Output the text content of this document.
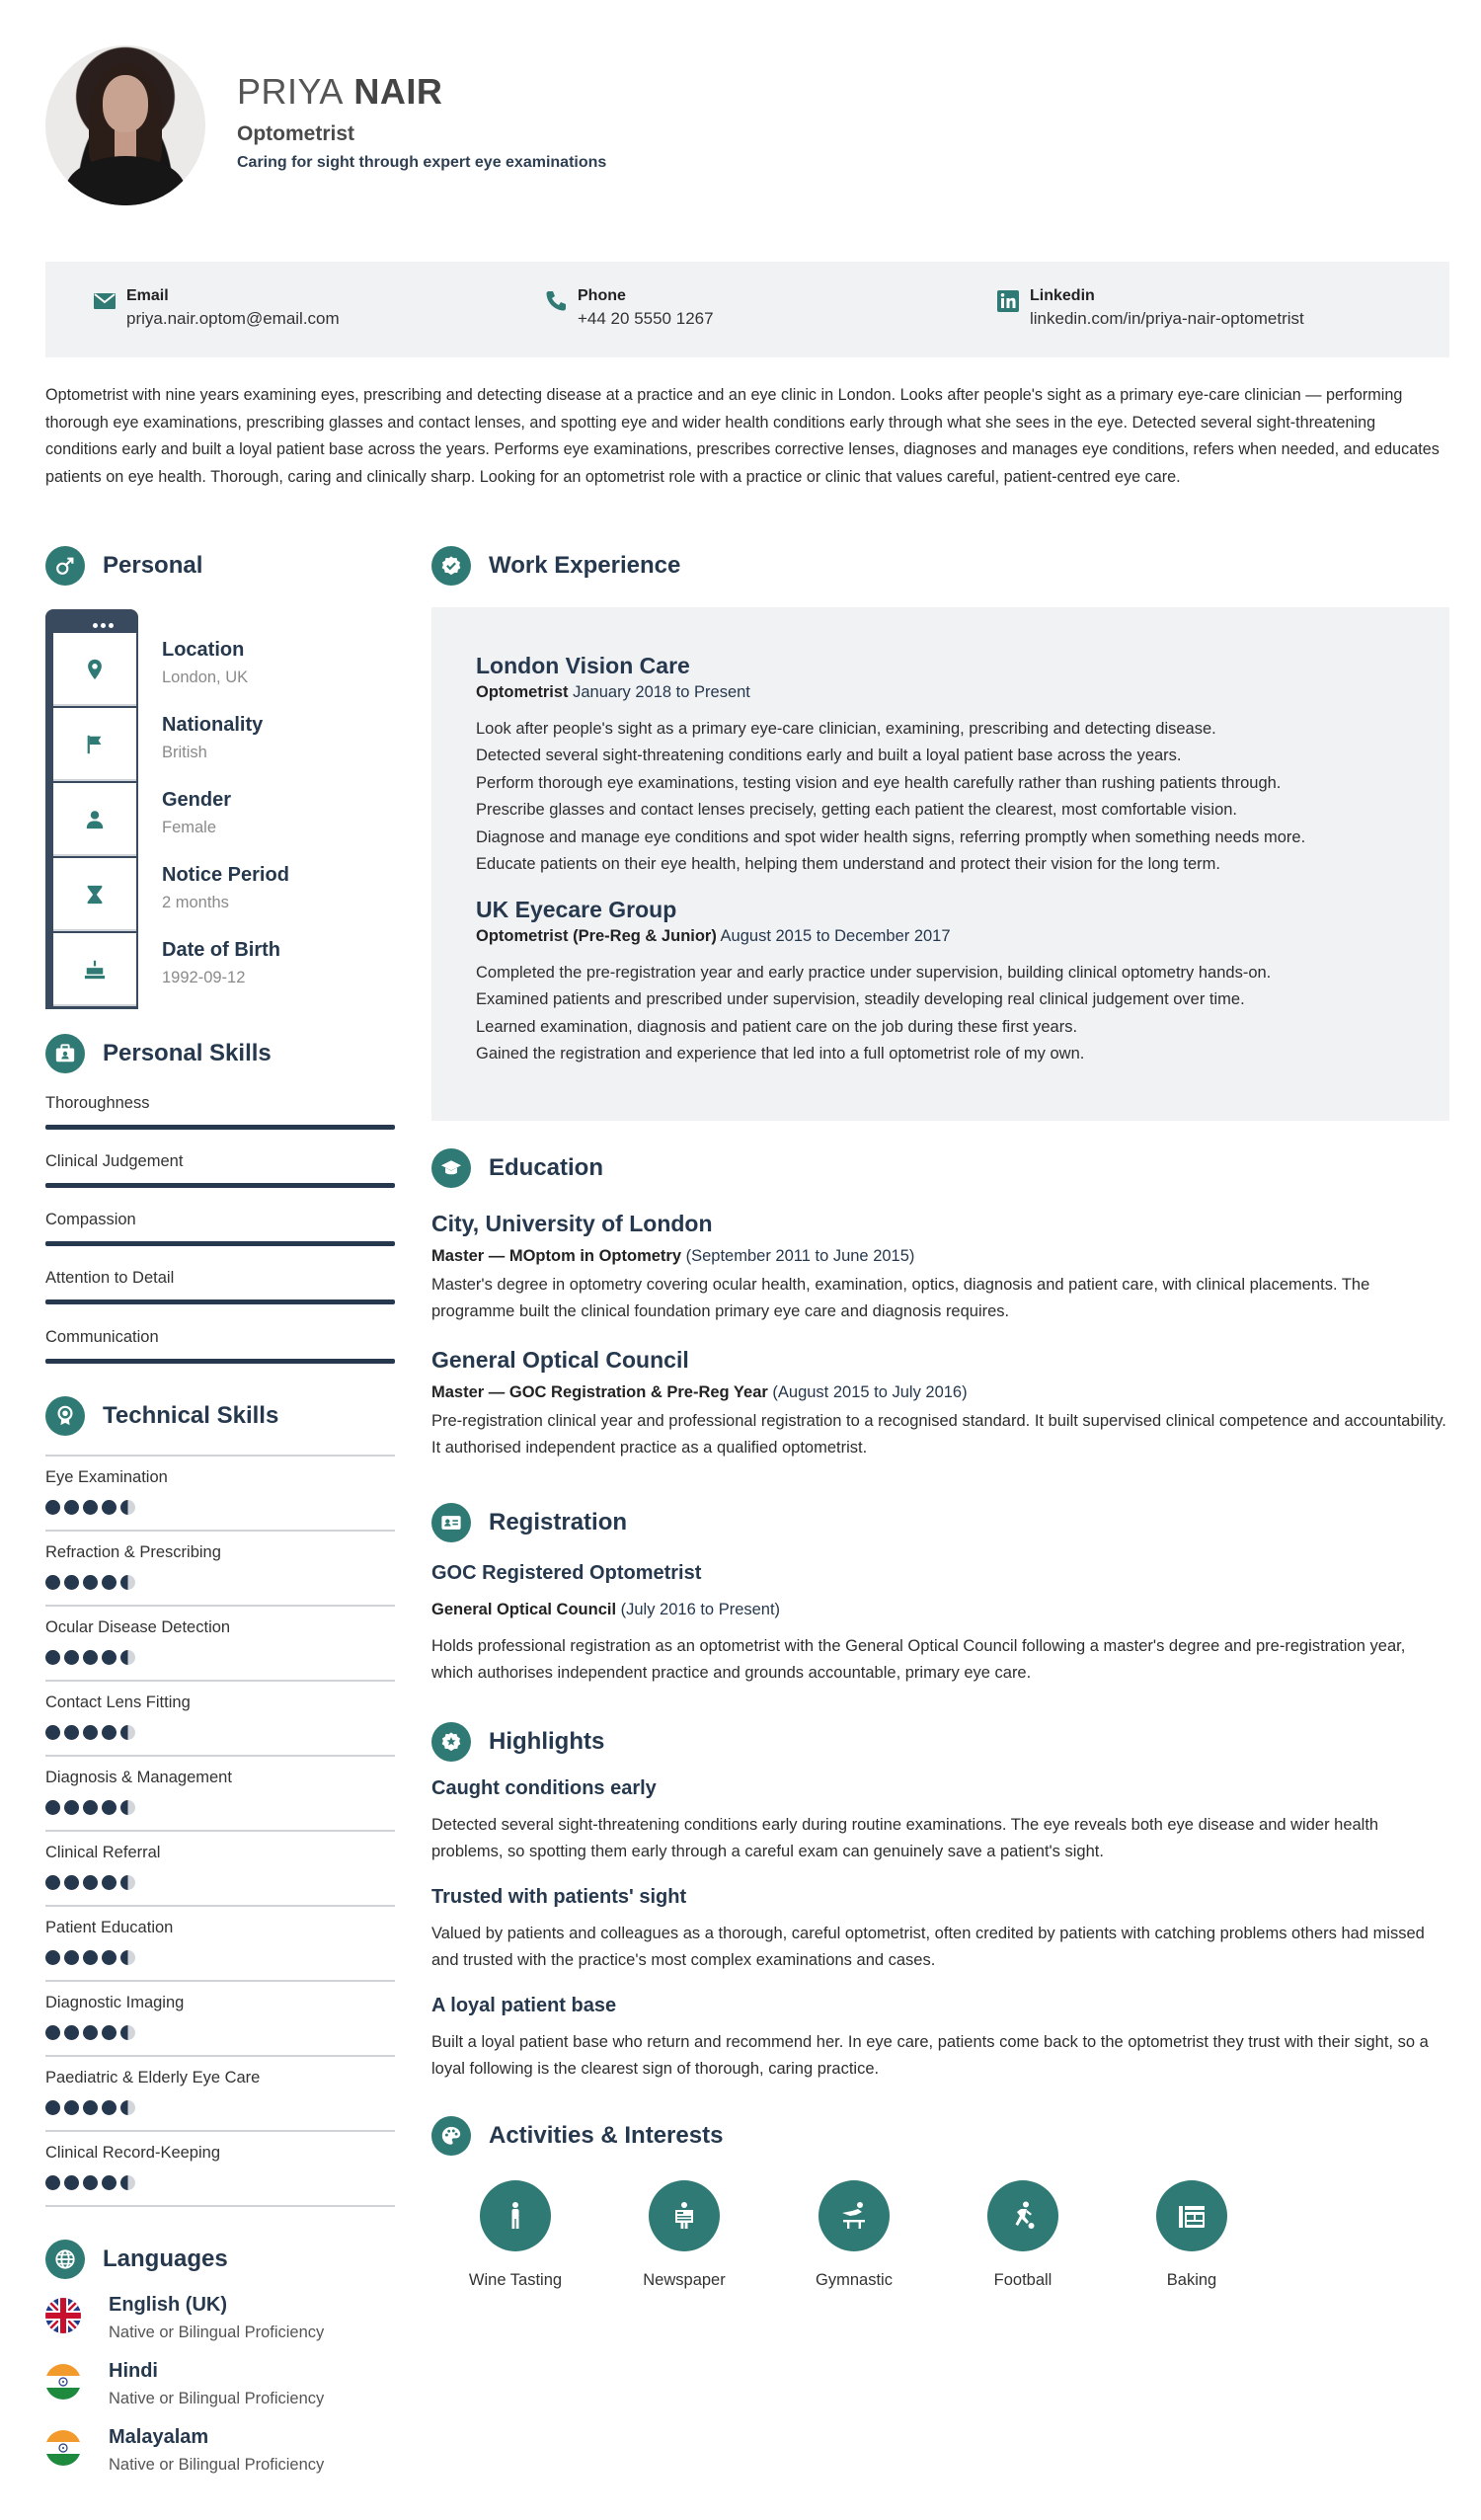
PRIYA NAIR
Optometrist
Caring for sight through expert eye examinations
Email
priya.nair.optom@email.com
Phone
+44 20 5550 1267
Linkedin
linkedin.com/in/priya-nair-optometrist
Optometrist with nine years examining eyes, prescribing and detecting disease at a practice and an eye clinic in London. Looks after people's sight as a primary eye-care clinician — performing thorough eye examinations, prescribing glasses and contact lenses, and spotting eye and wider health conditions early through what she sees in the eye. Detected several sight-threatening conditions early and built a loyal patient base across the years. Performs eye examinations, prescribes corrective lenses, diagnoses and manages eye conditions, refers when needed, and educates patients on eye health. Thorough, caring and clinically sharp. Looking for an optometrist role with a practice or clinic that values careful, patient-centred eye care.
Personal
Location
London, UK
Nationality
British
Gender
Female
Notice Period
2 months
Date of Birth
1992-09-12
Personal Skills
Thoroughness
Clinical Judgement
Compassion
Attention to Detail
Communication
Technical Skills
Eye Examination
Refraction & Prescribing
Ocular Disease Detection
Contact Lens Fitting
Diagnosis & Management
Clinical Referral
Patient Education
Diagnostic Imaging
Paediatric & Elderly Eye Care
Clinical Record-Keeping
Languages
English (UK)
Native or Bilingual Proficiency
Hindi
Native or Bilingual Proficiency
Malayalam
Native or Bilingual Proficiency
Work Experience
London Vision Care
Optometrist January 2018 to Present
Look after people's sight as a primary eye-care clinician, examining, prescribing and detecting disease.
Detected several sight-threatening conditions early and built a loyal patient base across the years.
Perform thorough eye examinations, testing vision and eye health carefully rather than rushing patients through.
Prescribe glasses and contact lenses precisely, getting each patient the clearest, most comfortable vision.
Diagnose and manage eye conditions and spot wider health signs, referring promptly when something needs more.
Educate patients on their eye health, helping them understand and protect their vision for the long term.
UK Eyecare Group
Optometrist (Pre-Reg & Junior) August 2015 to December 2017
Completed the pre-registration year and early practice under supervision, building clinical optometry hands-on.
Examined patients and prescribed under supervision, steadily developing real clinical judgement over time.
Learned examination, diagnosis and patient care on the job during these first years.
Gained the registration and experience that led into a full optometrist role of my own.
Education
City, University of London
Master — MOptom in Optometry (September 2011 to June 2015)
Master's degree in optometry covering ocular health, examination, optics, diagnosis and patient care, with clinical placements. The programme built the clinical foundation primary eye care and diagnosis requires.
General Optical Council
Master — GOC Registration & Pre-Reg Year (August 2015 to July 2016)
Pre-registration clinical year and professional registration to a recognised standard. It built supervised clinical competence and accountability. It authorised independent practice as a qualified optometrist.
Registration
GOC Registered Optometrist
General Optical Council (July 2016 to Present)
Holds professional registration as an optometrist with the General Optical Council following a master's degree and pre-registration year, which authorises independent practice and grounds accountable, primary eye care.
Highlights
Caught conditions early
Detected several sight-threatening conditions early during routine examinations. The eye reveals both eye disease and wider health problems, so spotting them early through a careful exam can genuinely save a patient's sight.
Trusted with patients' sight
Valued by patients and colleagues as a thorough, careful optometrist, often credited by patients with catching problems others had missed and trusted with the practice's most complex examinations and cases.
A loyal patient base
Built a loyal patient base who return and recommend her. In eye care, patients come back to the optometrist they trust with their sight, so a loyal following is the clearest sign of thorough, caring practice.
Activities & Interests
Wine Tasting	Newspaper	Gymnastic	Football	Baking
